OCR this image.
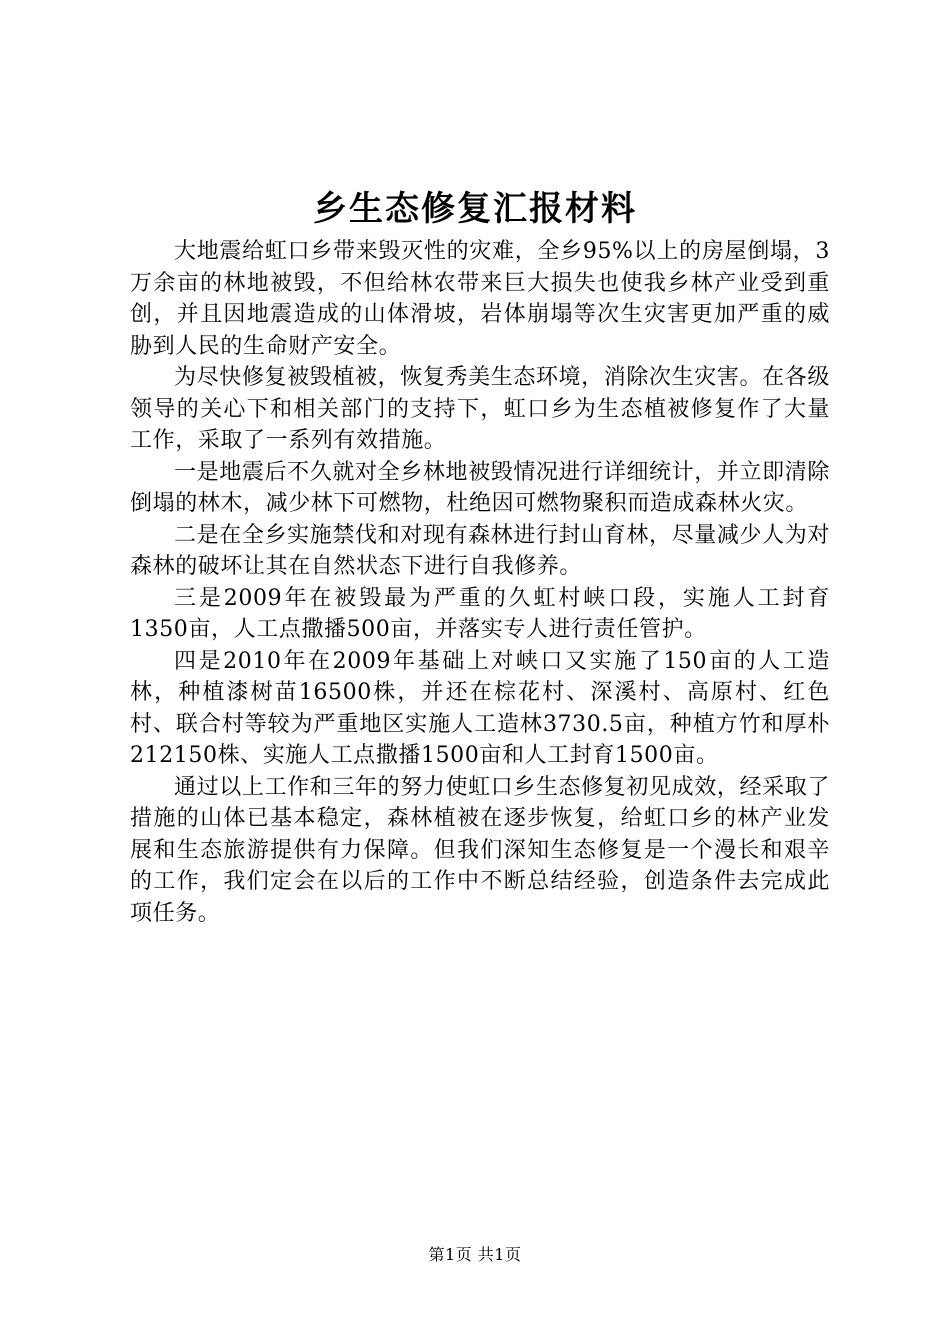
乡生态修复汇报材料

大地震给虹口乡带来毁灭性的灾难，全乡95%以上的房屋倒塌，3万余亩的林地被毁，不但给林农带来巨大损失也使我乡林产业受到重创，并且因地震造成的山体滑坡，岩体崩塌等次生灾害更加严重的威胁到人民的生命财产安全。

为尽快修复被毁植被，恢复秀美生态环境，消除次生灾害。在各级领导的关心下和相关部门的支持下，虹口乡为生态植被修复作了大量工作，采取了一系列有效措施。

一是地震后不久就对全乡林地被毁情况进行详细统计，并立即清除倒塌的林木，减少林下可燃物，杜绝因可燃物聚积而造成森林火灾。

二是在全乡实施禁伐和对现有森林进行封山育林，尽量减少人为对森林的破坏让其在自然状态下进行自我修养。

三是2009年在被毁最为严重的久虹村峡口段，实施人工封育1350亩，人工点撒播500亩，并落实专人进行责任管护。

四是2010年在2009年基础上对峡口又实施了150亩的人工造林，种植漆树苗16500株，并还在棕花村、深溪村、高原村、红色村、联合村等较为严重地区实施人工造林3730.5亩，种植方竹和厚朴212150株、实施人工点撒播1500亩和人工封育1500亩。

通过以上工作和三年的努力使虹口乡生态修复初见成效，经采取了措施的山体已基本稳定，森林植被在逐步恢复，给虹口乡的林产业发展和生态旅游提供有力保障。但我们深知生态修复是一个漫长和艰辛的工作，我们定会在以后的工作中不断总结经验，创造条件去完成此项任务。

第1页 共1页
